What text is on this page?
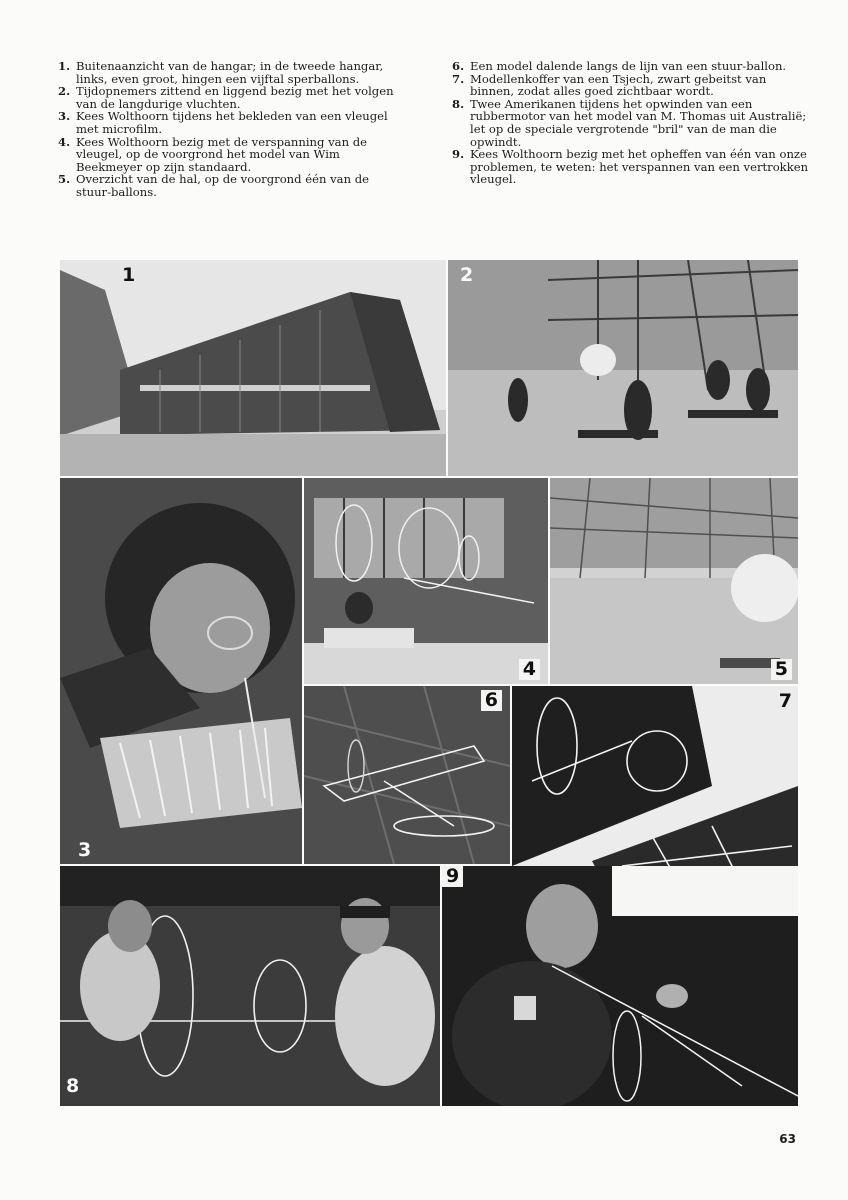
1. Buitenaanzicht van de hangar; in de tweede hangar, links, even groot, hingen een vijftal sperballons.
2. Tijdopnemers zittend en liggend bezig met het volgen van de langdurige vluchten.
3. Kees Wolthoorn tijdens het bekleden van een vleugel met microfilm.
4. Kees Wolthoorn bezig met de verspanning van de vleugel, op de voorgrond het model van Wim Beekmeyer op zijn standaard.
5. Overzicht van de hal, op de voorgrond één van de stuur-ballons.
6. Een model dalende langs de lijn van een stuur-ballon.
7. Modellenkoffer van een Tsjech, zwart gebeitst van binnen, zodat alles goed zichtbaar wordt.
8. Twee Amerikanen tijdens het opwinden van een rubbermotor van het model van M. Thomas uit Australië; let op de speciale vergrotende "bril" van de man die opwindt.
9. Kees Wolthoorn bezig met het opheffen van één van onze problemen, te weten: het verspannen van een vertrokken vleugel.
1	2
3
4	5
6	7
8
9
63
